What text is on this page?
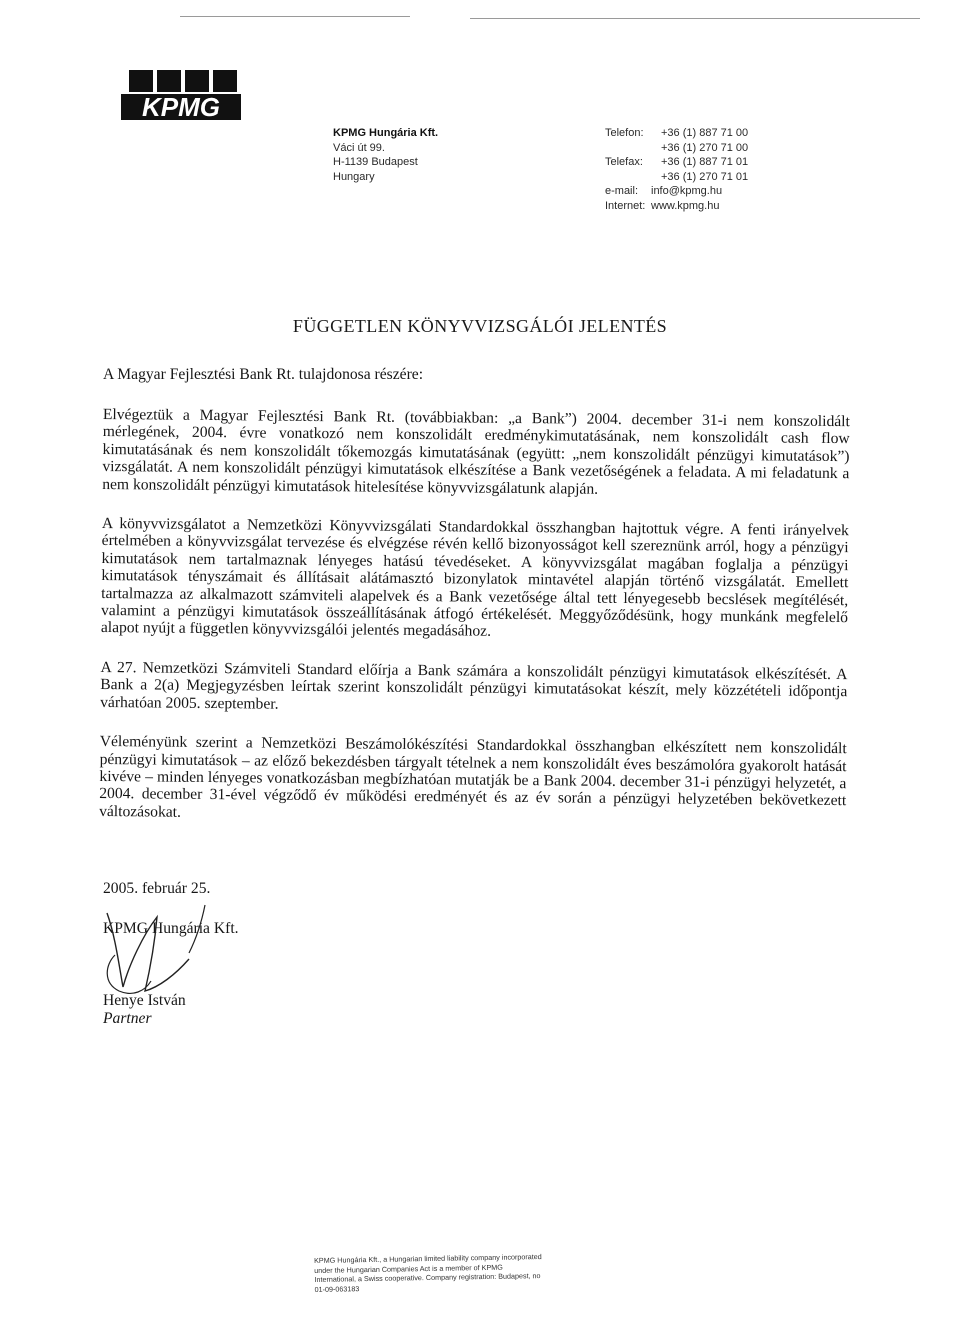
KPMG
KPMG Hungária Kft.
Váci út 99.
H-1139 Budapest
Hungary
Telefon:	+36 (1) 887 71 00
+36 (1) 270 71 00
Telefax:	+36 (1) 887 71 01
+36 (1) 270 71 01
e-mail:	info@kpmg.hu
Internet: www.kpmg.hu
FÜGGETLEN KÖNYVVIZSGÁLÓI JELENTÉS
A Magyar Fejlesztési Bank Rt. tulajdonosa részére:

Elvégeztük a Magyar Fejlesztési Bank Rt. (továbbiakban: „a Bank”) 2004. december 31-i nem konszolidált mérlegének, 2004. évre vonatkozó nem konszolidált eredménykimutatásának, nem konszolidált cash flow kimutatásának és nem konszolidált tőkemozgás kimutatásának (együtt: „nem konszolidált pénzügyi kimutatások”) vizsgálatát. A nem konszolidált pénzügyi kimutatások elkészítése a Bank vezetőségének a feladata. A mi feladatunk a nem konszolidált pénzügyi kimutatások hitelesítése könyvvizsgálatunk alapján.

A könyvvizsgálatot a Nemzetközi Könyvvizsgálati Standardokkal összhangban hajtottuk végre. A fenti irányelvek értelmében a könyvvizsgálat tervezése és elvégzése révén kellő bizonyosságot kell szereznünk arról, hogy a pénzügyi kimutatások nem tartalmaznak lényeges hatású tévedéseket. A könyvvizsgálat magában foglalja a pénzügyi kimutatások tényszámait és állításait alátámasztó bizonylatok mintavétel alapján történő vizsgálatát. Emellett tartalmazza az alkalmazott számviteli alapelvek és a Bank vezetősége által tett lényegesebb becslések megítélését, valamint a pénzügyi kimutatások összeállításának átfogó értékelését. Meggyőződésünk, hogy munkánk megfelelő alapot nyújt a független könyvvizsgálói jelentés megadásához.

A 27. Nemzetközi Számviteli Standard előírja a Bank számára a konszolidált pénzügyi kimutatások elkészítését. A Bank a 2(a) Megjegyzésben leírtak szerint konszolidált pénzügyi kimutatásokat készít, mely közzétételi időpontja várhatóan 2005. szeptember.

Véleményünk szerint a Nemzetközi Beszámolókészítési Standardokkal összhangban elkészített nem konszolidált pénzügyi kimutatások – az előző bekezdésben tárgyalt tételnek a nem konszolidált éves beszámolóra gyakorolt hatását kivéve – minden lényeges vonatkozásban megbízhatóan mutatják be a Bank 2004. december 31-i pénzügyi helyzetét, a 2004. december 31-ével végződő év működési eredményét és az év során a pénzügyi helyzetében bekövetkezett változásokat.

2005. február 25.
KPMG Hungária Kft.
Henye István
Partner
KPMG Hungária Kft., a Hungarian limited liability company incorporated under the Hungarian Companies Act is a member of KPMG International, a Swiss cooperative. Company registration: Budapest, no 01-09-063183
